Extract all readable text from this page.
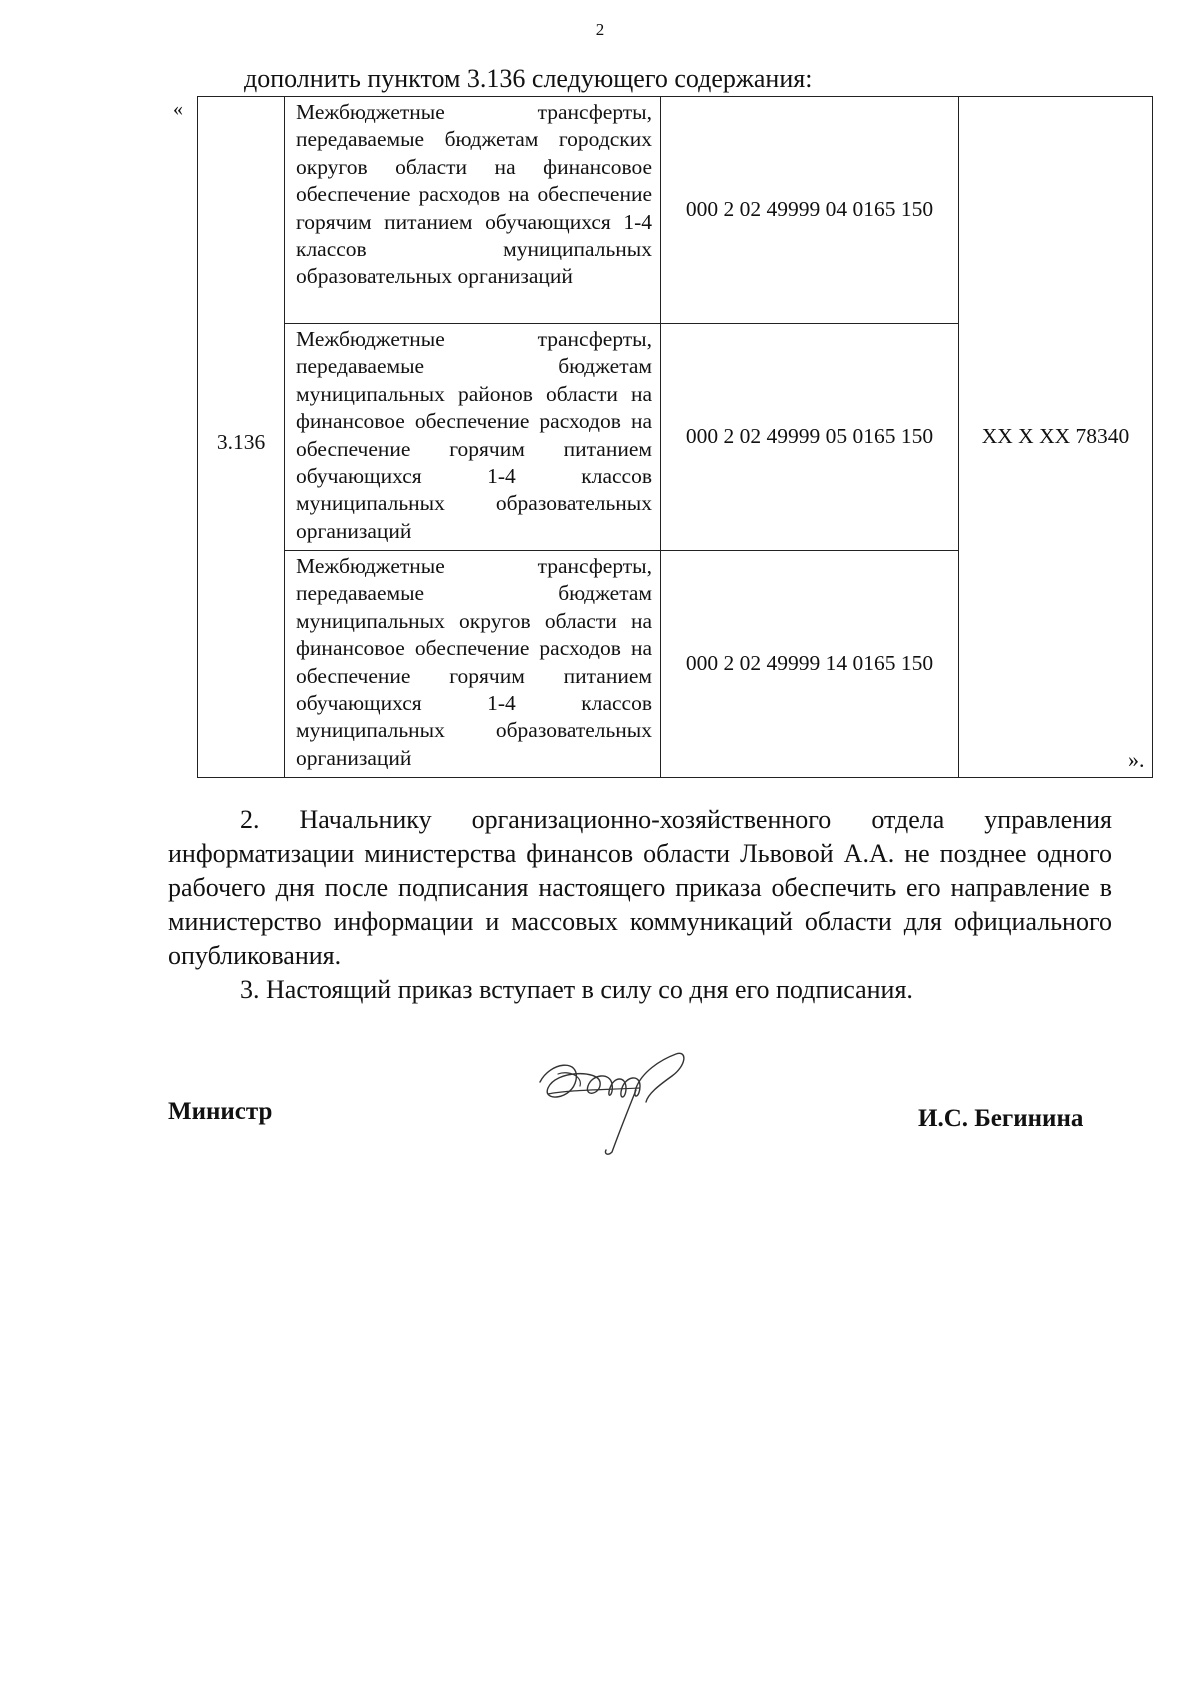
2
дополнить пунктом 3.136 следующего содержания:
«
3.136	Межбюджетные трансферты, передаваемые бюджетам городских округов области на финансовое обеспечение расходов на обеспечение горячим питанием обучающихся 1-4 классов муниципальных образовательных организаций	000 2 02 49999 04 0165 150	XX X XX 78340

	Межбюджетные трансферты, передаваемые бюджетам муниципальных районов области на финансовое обеспечение расходов на обеспечение горячим питанием обучающихся 1-4 классов муниципальных образовательных организаций	000 2 02 49999 05 0165 150	

	Межбюджетные трансферты, передаваемые бюджетам муниципальных округов области на финансовое обеспечение расходов на обеспечение горячим питанием обучающихся 1-4 классов муниципальных образовательных организаций	000 2 02 49999 14 0165 150	
».

2. Начальнику организационно-хозяйственного отдела управления информатизации министерства финансов области Львовой А.А. не позднее одного рабочего дня после подписания настоящего приказа обеспечить его направление в министерство информации и массовых коммуникаций области для официального опубликования.

3. Настоящий приказ вступает в силу со дня его подписания.

Министр	И.С. Бегинина
